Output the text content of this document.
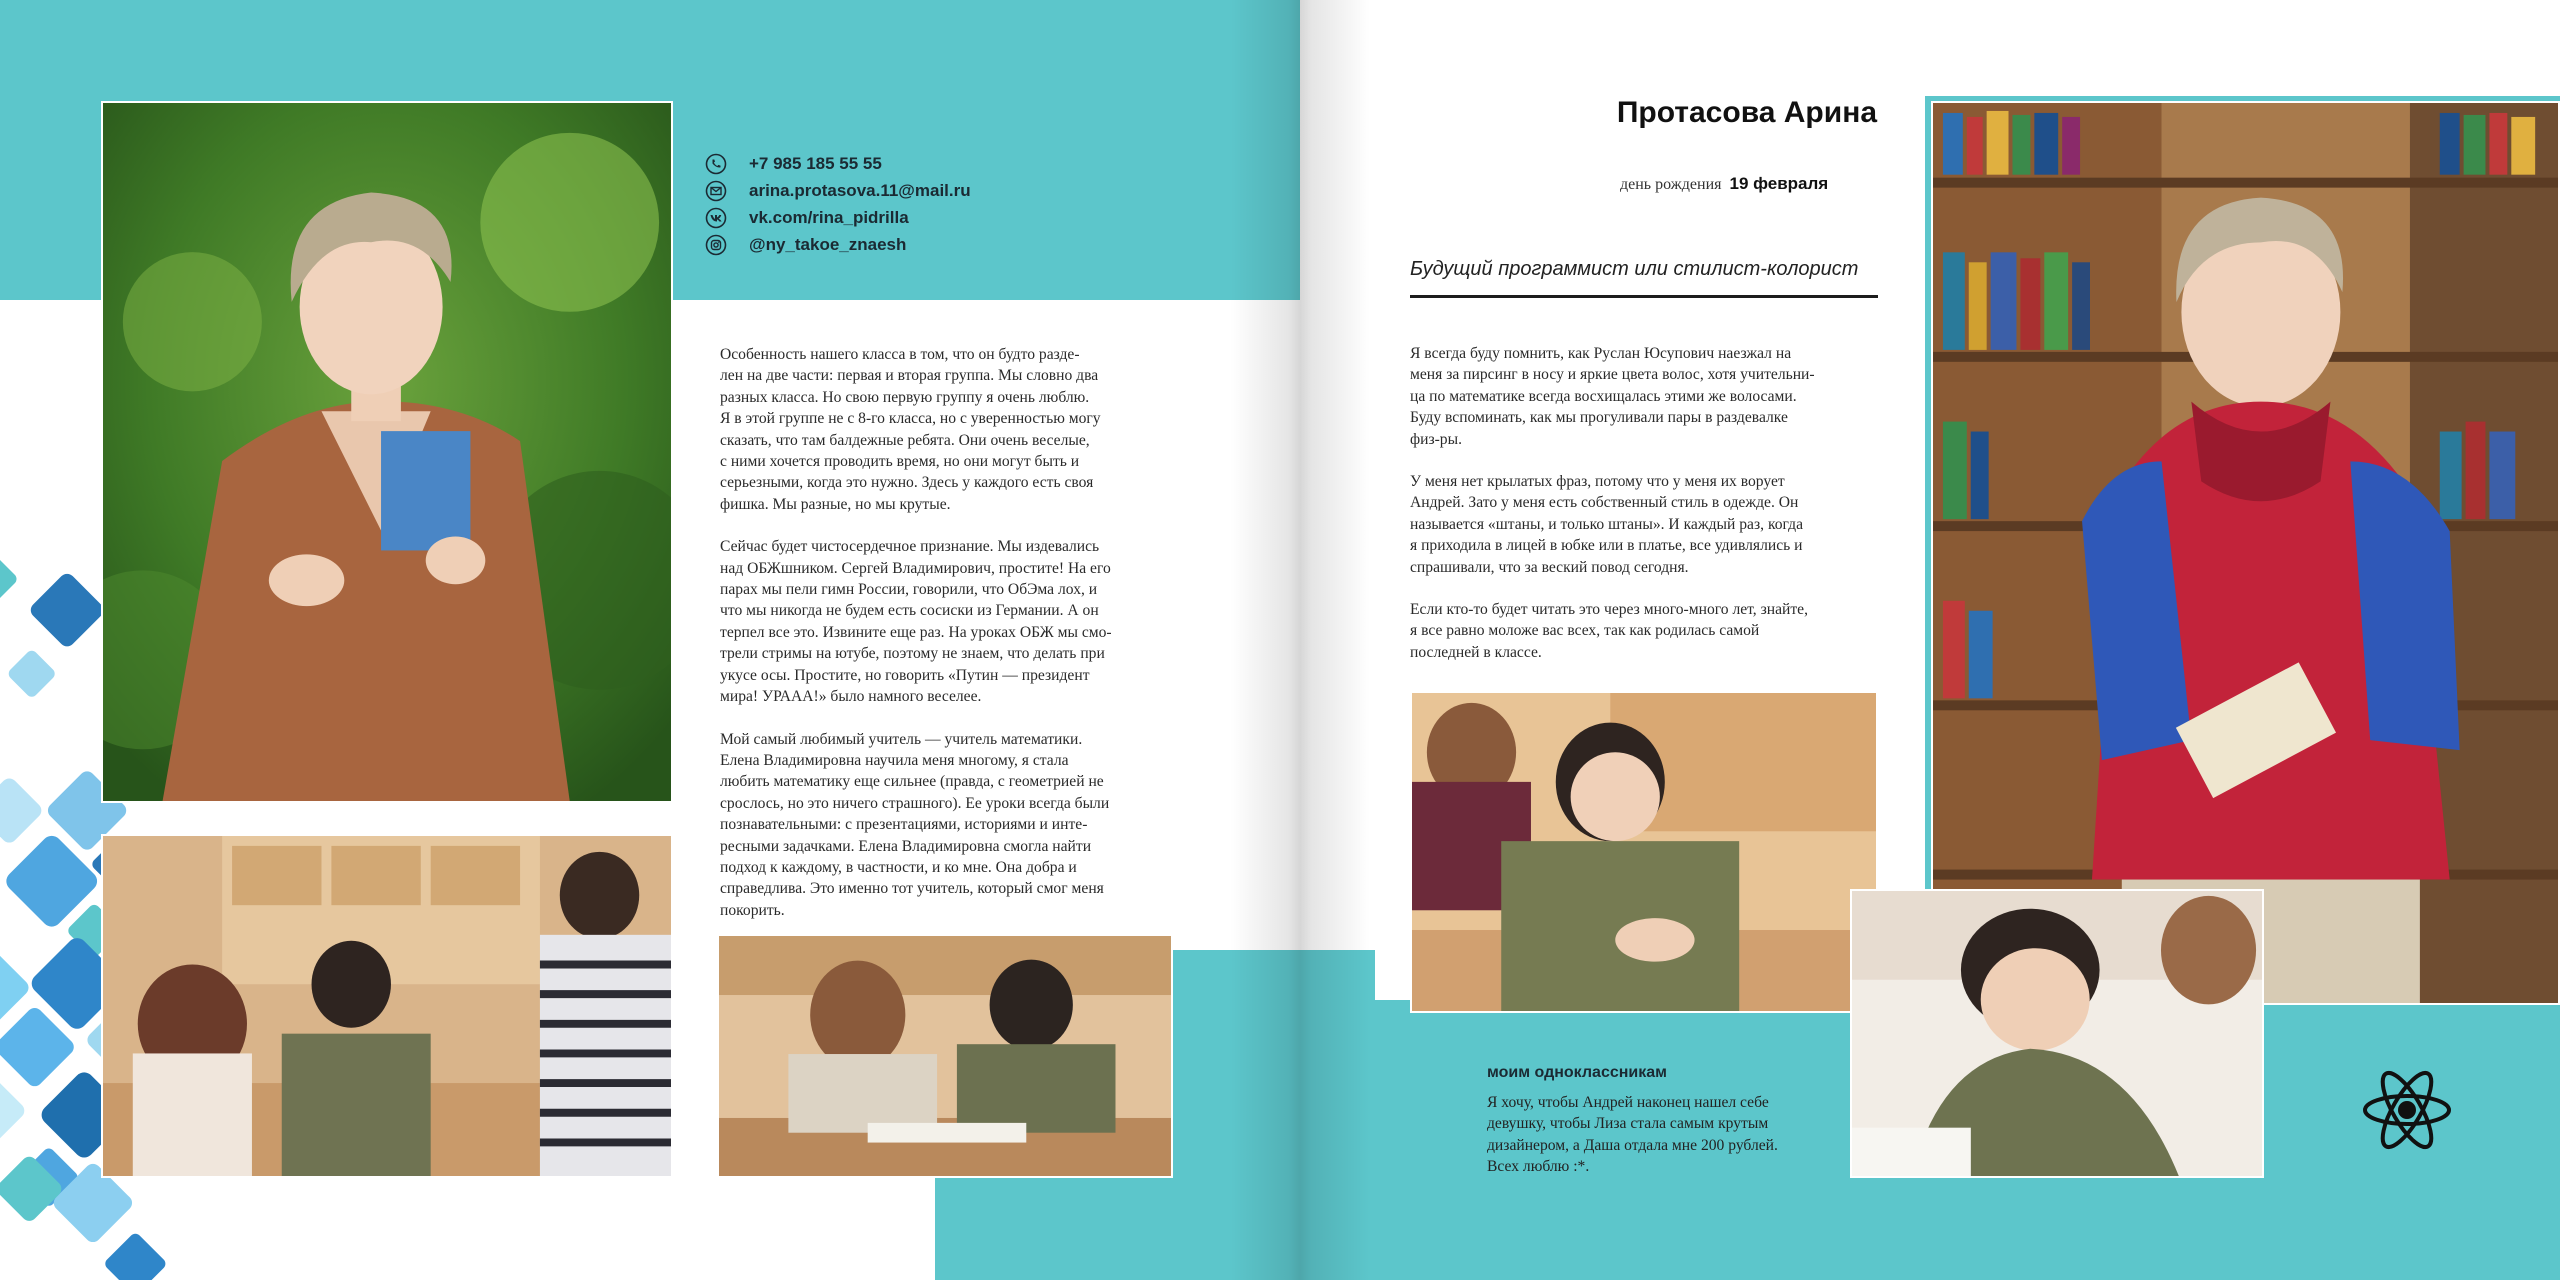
+7 985 185 55 55
arina.protasova.11@mail.ru
vk.com/rina_pidrilla
@ny_takoe_znaesh

Особенность нашего класса в том, что он будто разде-
лен на две части: первая и вторая группа. Мы словно два
разных класса. Но свою первую группу я очень люблю.
Я в этой группе не с 8-го класса, но с уверенностью могу
сказать, что там балдежные ребята. Они очень веселые,
с ними хочется проводить время, но они могут быть и
серьезными, когда это нужно. Здесь у каждого есть своя
фишка. Мы разные, но мы крутые.

Сейчас будет чистосердечное признание. Мы издевались
над ОБЖшником. Сергей Владимирович, простите! На его
парах мы пели гимн России, говорили, что ОбЭма лох, и
что мы никогда не будем есть сосиски из Германии. А он
терпел все это. Извините еще раз. На уроках ОБЖ мы смо-
трели стримы на ютубе, поэтому не знаем, что делать при
укусе осы. Простите, но говорить «Путин — президент
мира! УРААА!» было намного веселее.

Мой самый любимый учитель — учитель математики.
Елена Владимировна научила меня многому, я стала
любить математику еще сильнее (правда, с геометрией не
срослось, но это ничего страшного). Ее уроки всегда были
познавательными: с презентациями, историями и инте-
ресными задачками. Елена Владимировна смогла найти
подход к каждому, в частности, и ко мне. Она добра и
справедлива. Это именно тот учитель, который смог меня
покорить.

Протасова Арина
день рождения 19 февраля
Будущий программист или стилист-колорист

Я всегда буду помнить, как Руслан Юсупович наезжал на
меня за пирсинг в носу и яркие цвета волос, хотя учительни-
ца по математике всегда восхищалась этими же волосами.
Буду вспоминать, как мы прогуливали пары в раздевалке
физ-ры.

У меня нет крылатых фраз, потому что у меня их ворует
Андрей. Зато у меня есть собственный стиль в одежде. Он
называется «штаны, и только штаны». И каждый раз, когда
я приходила в лицей в юбке или в платье, все удивлялись и
спрашивали, что за веский повод сегодня.

Если кто-то будет читать это через много-много лет, знайте,
я все равно моложе вас всех, так как родилась самой
последней в классе.

моим одноклассникам
Я хочу, чтобы Андрей наконец нашел себе
девушку, чтобы Лиза стала самым крутым
дизайнером, а Даша отдала мне 200 рублей.
Всех люблю :*.
